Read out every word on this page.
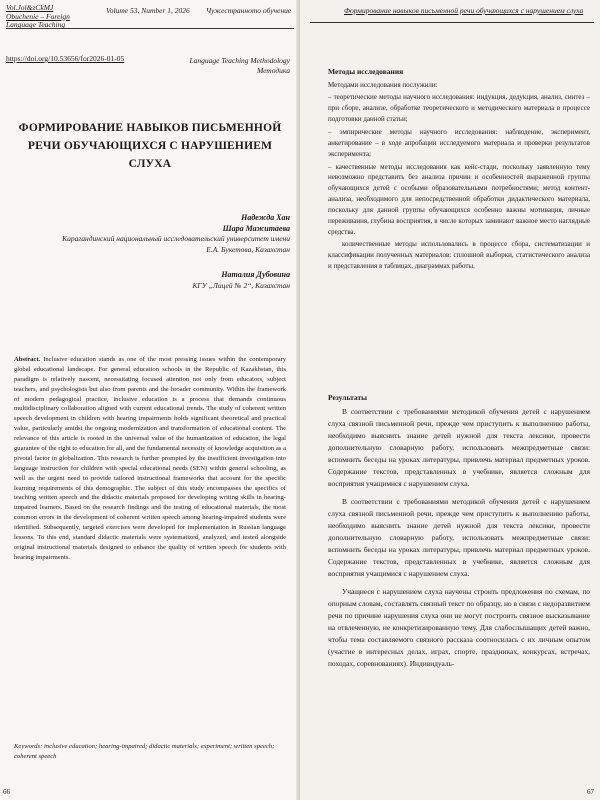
Vol.Jol&zCkMJ Obuchenie – Foreign Language Teaching
Volume 53, Number 1, 2026 Чужестранното обучение
https://doi.org/10.53656/for2026-01-05	Language Teaching Methodology
Методика
ФОРМИРОВАНИЕ НАВЫКОВ ПИСЬМЕННОЙ РЕЧИ ОБУЧАЮЩИХСЯ С НАРУШЕНИЕМ СЛУХА
Надежда Хан
Шара Мажитаева
Карагандинский национальный исследовательский университет имени Е.А. Букетова, Казахстан
Наталия Дубовина
КГУ „Лицей № 2“, Казахстан
Abstract. Inclusive education stands as one of the most pressing issues within the contemporary global educational landscape. For general education schools in the Republic of Kazakhstan, this paradigm is relatively nascent, necessitating focused attention not only from educators, subject teachers, and psychologists but also from parents and the broader community. Within the framework of modern pedagogical practice, inclusive education is a process that demands continuous multidisciplinary collaboration aligned with current educational trends. The study of coherent written speech development in children with hearing impairments holds significant theoretical and practical value, particularly amidst the ongoing modernization and transformation of educational content. The relevance of this article is rooted in the universal value of the humanization of education, the legal guarantee of the right to education for all, and the fundamental necessity of knowledge acquisition as a pivotal factor in globalization. This research is further prompted by the insufficient investigation into language instruction for children with special educational needs (SEN) within general schooling, as well as the urgent need to provide tailored instructional frameworks that account for the specific learning requirements of this demographic. The subject of this study encompasses the specifics of teaching written speech and the didactic materials proposed for developing writing skills in hearing-impaired learners. Based on the research findings and the testing of educational materials, the most common errors in the development of coherent written speech among hearing-impaired students were identified. Subsequently, targeted exercises were developed for implementation in Russian language lessons. To this end, standard didactic materials were systematized, analyzed, and tested alongside original instructional materials designed to enhance the quality of written speech for students with hearing impairments.
Keywords: inclusive education; hearing-impaired; didactic materials; experiment; written speech; coherent speech
66
Формирование навыков письменной речи обучающихся с нарушением слуха
Методы исследования

Методами исследования послужили:

– теоретические методы научного исследования: индукция, дедукция, анализ, синтез – при сборе, анализе, обработке теоретического и методического материала в процессе подготовки данной статьи;

– эмпирические методы научного исследования: наблюдение, эксперимент, анкетирование – в ходе апробации исследуемого материала и проверки результатов эксперимента;

– качественные методы исследования как кейс-стади, поскольку заявленную тему невозможно представить без анализа причин и особенностей выраженной группы обучающихся детей с особыми образовательными потребностями; метод контент-анализа, необходимого для непосредственной обработки дидактического материала, поскольку для данной группы обучающихся особенно важны мотивация, личные переживания, глубина восприятия, в числе которых заминают важное место наглядные средства.

количественные методы использовались в процессе сбора, систематизации и классификации полученных материалов: сплошной выборки, статистического анализа и представления в таблицах, диаграммах работы.

Результаты

В соответствии с требованиями методикой обучения детей с нарушением слуха связной письменной речи, прежде чем приступить к выполнению работы, необходимо выяснить знание детей нужной для текста лексики, провести дополнительную словарную работу, использовать межпредметные связи: вспомнить беседы на уроках литературы, привлечь материал предметных уроков. Содержание текстов, представленных в учебнике, является сложным для восприятия учащимися с нарушением слуха.

В соответствии с требованиями методикой обучения детей с нарушением слуха связной письменной речи, прежде чем приступить к выполнению работы, необходимо выяснить знание детей нужной для текста лексики, провести дополнительную словарную работу, использовать межпредметные связи: вспомнить беседы на уроках литературы, привлечь материал предметных уроков. Содержание текстов, представленных в учебнике, является сложным для восприятия учащимися с нарушением слуха.

Учащиеся с нарушением слуха научены строить предложения по схемам, по опорным словам, составлять связный текст по образцу, но в связи с недоразвитием речи по причине нарушения слуха они не могут построить связное высказывание на отвлеченную, не конкретизированную тему. Для слабослышащих детей важно, чтобы тема составляемого связного рассказа соотносилась с их личным опытом (участие в интересных делах, играх, спорте, праздниках, конкурсах, встречах, походах, соревнованиях). Индивидуаль-

67
